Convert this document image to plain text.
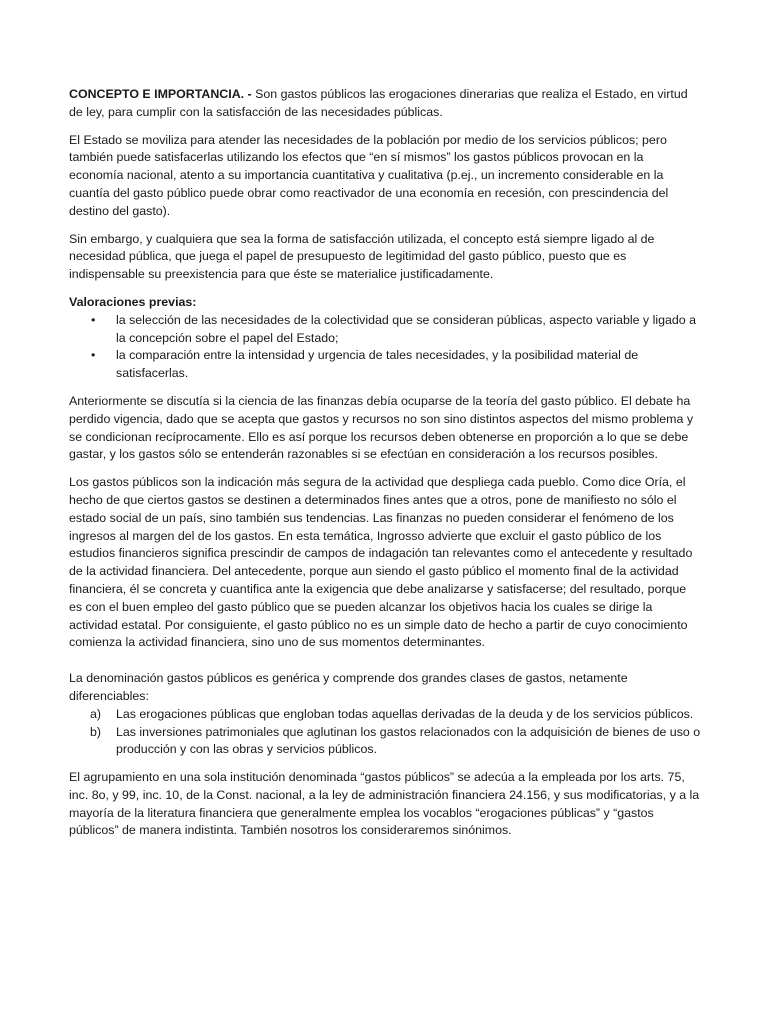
CONCEPTO E IMPORTANCIA. - Son gastos públicos las erogaciones dinerarias que realiza el Estado, en virtud de ley, para cumplir con la satisfacción de las necesidades públicas.

El Estado se moviliza para atender las necesidades de la población por medio de los servicios públicos; pero también puede satisfacerlas utilizando los efectos que “en sí mismos” los gastos públicos provocan en la economía nacional, atento a su importancia cuantitativa y cualitativa (p.ej., un incremento considerable en la cuantía del gasto público puede obrar como reactivador de una economía en recesión, con prescindencia del destino del gasto).

Sin embargo, y cualquiera que sea la forma de satisfacción utilizada, el concepto está siempre ligado al de necesidad pública, que juega el papel de presupuesto de legitimidad del gasto público, puesto que es indispensable su preexistencia para que éste se materialice justificadamente.

Valoraciones previas:

• la selección de las necesidades de la colectividad que se consideran públicas, aspecto variable y ligado a la concepción sobre el papel del Estado;
• la comparación entre la intensidad y urgencia de tales necesidades, y la posibilidad material de satisfacerlas.

Anteriormente se discutía si la ciencia de las finanzas debía ocuparse de la teoría del gasto público. El debate ha perdido vigencia, dado que se acepta que gastos y recursos no son sino distintos aspectos del mismo problema y se condicionan recíprocamente. Ello es así porque los recursos deben obtenerse en proporción a lo que se debe gastar, y los gastos sólo se entenderán razonables si se efectúan en consideración a los recursos posibles.

Los gastos públicos son la indicación más segura de la actividad que despliega cada pueblo. Como dice Oría, el hecho de que ciertos gastos se destinen a determinados fines antes que a otros, pone de manifiesto no sólo el estado social de un país, sino también sus tendencias. Las finanzas no pueden considerar el fenómeno de los ingresos al margen del de los gastos. En esta temática, Ingrosso advierte que excluir el gasto público de los estudios financieros significa prescindir de campos de indagación tan relevantes como el antecedente y resultado de la actividad financiera. Del antecedente, porque aun siendo el gasto público el momento final de la actividad financiera, él se concreta y cuantifica ante la exigencia que debe analizarse y satisfacerse; del resultado, porque es con el buen empleo del gasto público que se pueden alcanzar los objetivos hacia los cuales se dirige la actividad estatal. Por consiguiente, el gasto público no es un simple dato de hecho a partir de cuyo conocimiento comienza la actividad financiera, sino uno de sus momentos determinantes.

La denominación gastos públicos es genérica y comprende dos grandes clases de gastos, netamente diferenciables:

a) Las erogaciones públicas que engloban todas aquellas derivadas de la deuda y de los servicios públicos.
b) Las inversiones patrimoniales que aglutinan los gastos relacionados con la adquisición de bienes de uso o producción y con las obras y servicios públicos.

El agrupamiento en una sola institución denominada “gastos públicos” se adecúa a la empleada por los arts. 75, inc. 8o, y 99, inc. 10, de la Const. nacional, a la ley de administración financiera 24.156, y sus modificatorias, y a la mayoría de la literatura financiera que generalmente emplea los vocablos “erogaciones públicas” y “gastos públicos” de manera indistinta. También nosotros los consideraremos sinónimos.
